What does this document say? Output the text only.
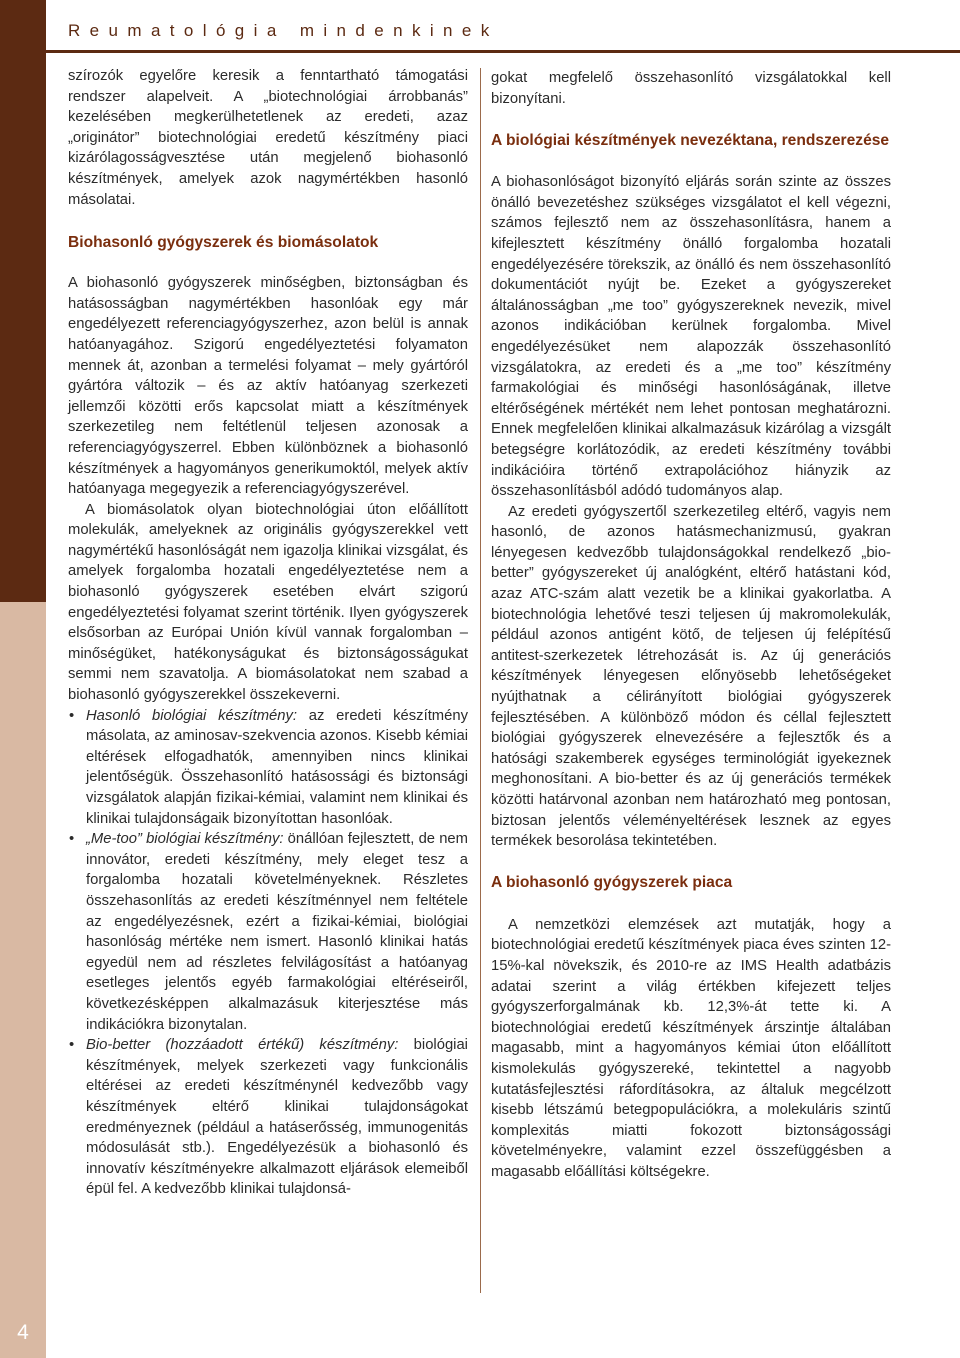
4
Reumatológia mindenkinek

szírozók egyelőre keresik a fenntartható támogatási rendszer alapelveit. A „biotechnológiai árrobbanás” kezelésében megkerülhetetlenek az eredeti, azaz „originátor” biotechnológiai eredetű készítmény piaci kizárólagosságvesztése után megjelenő biohasonló készítmények, amelyek azok nagymértékben hasonló másolatai.

Biohasonló gyógyszerek és biomásolatok

A biohasonló gyógyszerek minőségben, biztonságban és hatásosságban nagymértékben hasonlóak egy már engedélyezett referenciagyógyszerhez, azon belül is annak hatóanyagához. Szigorú engedélyeztetési folyamaton mennek át, azonban a termelési folyamat – mely gyártóról gyártóra változik – és az aktív hatóanyag szerkezeti jellemzői közötti erős kapcsolat miatt a készítmények szerkezetileg nem feltétlenül teljesen azonosak a referenciagyógyszerrel. Ebben különböznek a biohasonló készítmények a hagyományos generikumoktól, melyek aktív hatóanyaga megegyezik a referenciagyógyszerével.

A biomásolatok olyan biotechnológiai úton előállított molekulák, amelyeknek az originális gyógyszerekkel vett nagymértékű hasonlóságát nem igazolja klinikai vizsgálat, és amelyek forgalomba hozatali engedélyeztetése nem a biohasonló gyógyszerek esetében elvárt szigorú engedélyeztetési folyamat szerint történik. Ilyen gyógyszerek elsősorban az Európai Unión kívül vannak forgalomban – minőségüket, hatékonyságukat és biztonságosságukat semmi nem szavatolja. A biomásolatokat nem szabad a biohasonló gyógyszerekkel összekeverni.

• Hasonló biológiai készítmény: az eredeti készítmény másolata, az aminosav-szekvencia azonos. Kisebb kémiai eltérések elfogadhatók, amennyiben nincs klinikai jelentőségük. Összehasonlító hatásossági és biztonsági vizsgálatok alapján fizikai-kémiai, valamint nem klinikai és klinikai tulajdonságaik bizonyítottan hasonlóak.
• „Me-too” biológiai készítmény: önállóan fejlesztett, de nem innovátor, eredeti készítmény, mely eleget tesz a forgalomba hozatali követelményeknek. Részletes összehasonlítás az eredeti készítménnyel nem feltétele az engedélyezésnek, ezért a fizikai-kémiai, biológiai hasonlóság mértéke nem ismert. Hasonló klinikai hatás egyedül nem ad részletes felvilágosítást a hatóanyag esetleges jelentős egyéb farmakológiai eltéréseiről, következésképpen alkalmazásuk kiterjesztése más indikációkra bizonytalan.
• Bio-better (hozzáadott értékű) készítmény: biológiai készítmények, melyek szerkezeti vagy funkcionális eltérései az eredeti készítménynél kedvezőbb vagy készítmények eltérő klinikai tulajdonságokat eredményeznek (például a hatáserősség, immunogenitás módosulását stb.). Engedélyezésük a biohasonló és innovatív készítményekre alkalmazott eljárások elemeiből épül fel. A kedvezőbb klinikai tulajdonsá-

gokat megfelelő összehasonlító vizsgálatokkal kell bizonyítani.

A biológiai készítmények nevezéktana, rendszerezése

A biohasonlóságot bizonyító eljárás során szinte az összes önálló bevezetéshez szükséges vizsgálatot el kell végezni, számos fejlesztő nem az összehasonlításra, hanem a kifejlesztett készítmény önálló forgalomba hozatali engedélyezésére törekszik, az önálló és nem összehasonlító dokumentációt nyújt be. Ezeket a gyógyszereket általánosságban „me too” gyógyszereknek nevezik, mivel azonos indikációban kerülnek forgalomba. Mivel engedélyezésüket nem alapozzák összehasonlító vizsgálatokra, az eredeti és a „me too” készítmény farmakológiai és minőségi hasonlóságának, illetve eltérőségének mértékét nem lehet pontosan meghatározni. Ennek megfelelően klinikai alkalmazásuk kizárólag a vizsgált betegségre korlátozódik, az eredeti készítmény további indikációira történő extrapolációhoz hiányzik az összehasonlításból adódó tudományos alap.

Az eredeti gyógyszertől szerkezetileg eltérő, vagyis nem hasonló, de azonos hatásmechanizmusú, gyakran lényegesen kedvezőbb tulajdonságokkal rendelkező „bio-better” gyógyszereket új analógként, eltérő hatástani kód, azaz ATC-szám alatt vezetik be a klinikai gyakorlatba. A biotechnológia lehetővé teszi teljesen új makromolekulák, például azonos antigént kötő, de teljesen új felépítésű antitest-szerkezetek létrehozását is. Az új generációs készítmények lényegesen előnyösebb lehetőségeket nyújthatnak a célirányított biológiai gyógyszerek fejlesztésében. A különböző módon és céllal fejlesztett biológiai gyógyszerek elnevezésére a fejlesztők és a hatósági szakemberek egységes terminológiát igyekeznek meghonosítani. A bio-better és az új generációs termékek közötti határvonal azonban nem határozható meg pontosan, biztosan jelentős véleményeltérések lesznek az egyes termékek besorolása tekintetében.

A biohasonló gyógyszerek piaca

A nemzetközi elemzések azt mutatják, hogy a biotechnológiai eredetű készítmények piaca éves szinten 12-15%-kal növekszik, és 2010-re az IMS Health adatbázis adatai szerint a világ értékben kifejezett teljes gyógyszerforgalmának kb. 12,3%-át tette ki. A biotechnológiai eredetű készítmények árszintje általában magasabb, mint a hagyományos kémiai úton előállított kismolekulás gyógyszereké, tekintettel a nagyobb kutatásfejlesztési ráfordításokra, az általuk megcélzott kisebb létszámú betegpopulációkra, a molekuláris szintű komplexitás miatti fokozott biztonságossági követelményekre, valamint ezzel összefüggésben a magasabb előállítási költségekre.
